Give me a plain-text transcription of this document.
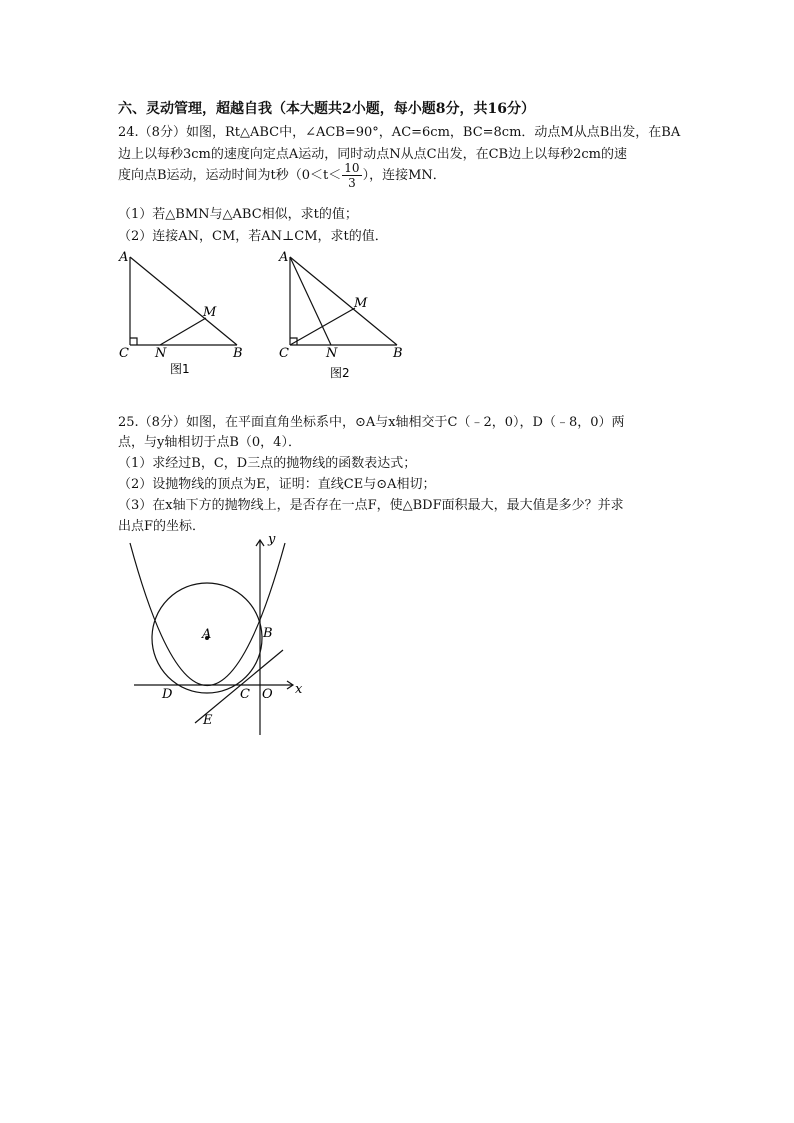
六、灵动管理，超越自我（本大题共2小题，每小题8分，共16分）
24.（8分）如图，Rt△ABC中，∠ACB=90°，AC=6cm，BC=8cm．动点M从点B出发，在BA
边上以每秒3cm的速度向定点A运动，同时动点N从点C出发，在CB边上以每秒2cm的速
度向点B运动，运动时间为t秒（$0<t< \frac{10}{3}$ ），连接MN．
（1）若△BMN与△ABC相似，求t的值；
（2）连接AN，CM，若AN⊥CM，求t的值．
A
C N
M
B
图1
A
C	N
M
B
图2
25.（8分）如图，在平面直角坐标系中，⊙A与x轴相交于C（﹣2，0），D（﹣8，0）两
点，与y轴相切于点B（0，4）．
（1）求经过B，C，D三点的抛物线的函数表达式；
（2）设抛物线的顶点为E，证明：直线CE与⊙A相切；
（3）在x轴下方的抛物线上，是否存在一点F，使△BDF面积最大，最大值是多少？并求
出点F的坐标．
y
x
A	B
D	C O
E
